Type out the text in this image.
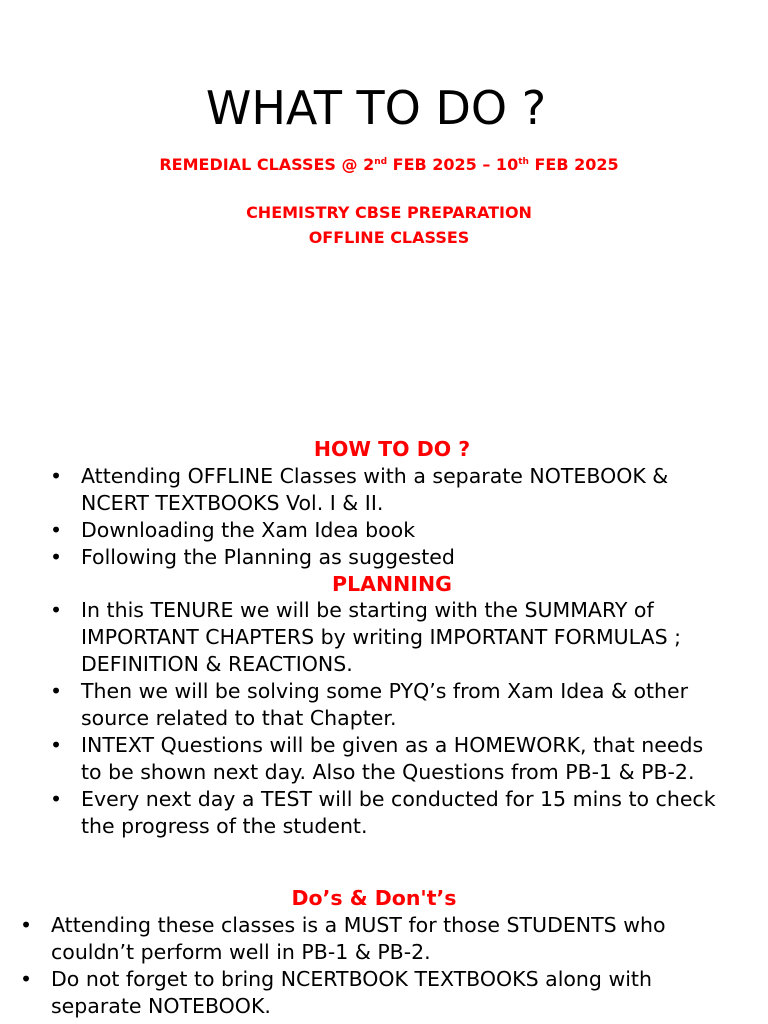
WHAT TO DO ?

REMEDIAL CLASSES @ 2nd FEB 2025 – 10th FEB 2025

CHEMISTRY CBSE PREPARATION

OFFLINE CLASSES

HOW TO DO ?
• Attending OFFLINE Classes with a separate NOTEBOOK & NCERT TEXTBOOKS Vol. I & II.
• Downloading the Xam Idea book
• Following the Planning as suggested
PLANNING
• In this TENURE we will be starting with the SUMMARY of IMPORTANT CHAPTERS by writing IMPORTANT FORMULAS ; DEFINITION & REACTIONS.
• Then we will be solving some PYQ’s from Xam Idea & other source related to that Chapter.
• INTEXT Questions will be given as a HOMEWORK, that needs to be shown next day. Also the Questions from PB-1 & PB-2.
• Every next day a TEST will be conducted for 15 mins to check the progress of the student.
Do’s & Don't’s
• Attending these classes is a MUST for those STUDENTS who couldn’t perform well in PB-1 & PB-2.
• Do not forget to bring NCERTBOOK TEXTBOOKS along with separate NOTEBOOK.
